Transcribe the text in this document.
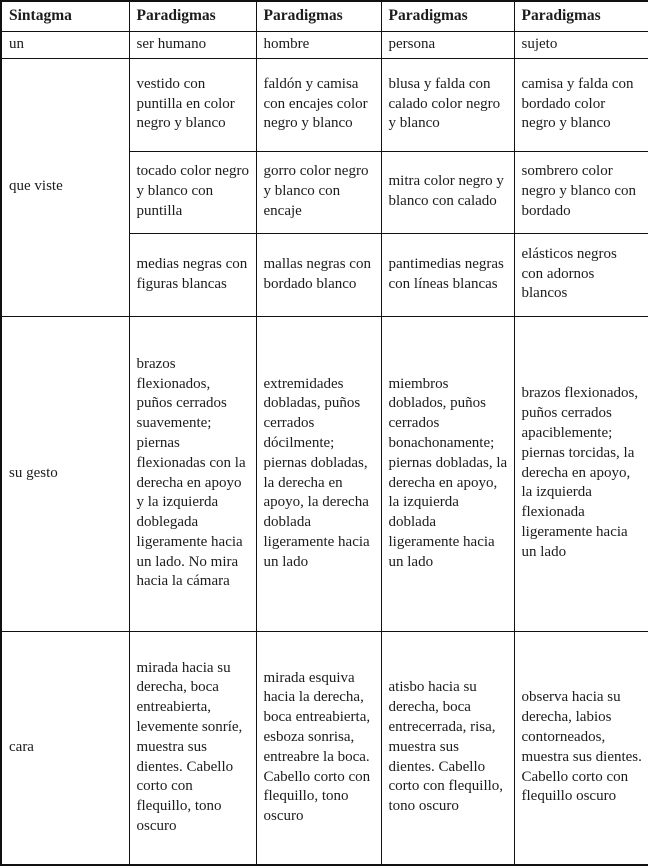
Sintagma	Paradigmas	Paradigmas	Paradigmas	Paradigmas
un	ser humano	hombre	persona	sujeto
que viste	vestido con puntilla en color negro y blanco	faldón y camisa con encajes color negro y blanco	blusa y falda con calado color negro y blanco	camisa y falda con bordado color negro y blanco
	tocado color negro y blanco con puntilla	gorro color negro y blanco con encaje	mitra color negro y blanco con calado	sombrero color negro y blanco con bordado
	medias negras con figuras blancas	mallas negras con bordado blanco	pantimedias negras con líneas blancas	elásticos negros con adornos blancos
su gesto	brazos flexionados, puños cerrados suavemente; piernas flexionadas con la derecha en apoyo y la izquierda doblegada ligeramente hacia un lado. No mira hacia la cámara	extremidades dobladas, puños cerrados dócilmente; piernas dobladas, la derecha en apoyo, la derecha doblada ligeramente hacia un lado	miembros doblados, puños cerrados bonachonamente; piernas dobladas, la derecha en apoyo, la izquierda doblada ligeramente hacia un lado	brazos flexionados, puños cerrados apaciblemente; piernas torcidas, la derecha en apoyo, la izquierda flexionada ligeramente hacia un lado
cara	mirada hacia su derecha, boca entreabierta, levemente sonríe, muestra sus dientes. Cabello corto con flequillo, tono oscuro	mirada esquiva hacia la derecha, boca entreabierta, esboza sonrisa, entreabre la boca. Cabello corto con flequillo, tono oscuro	atisbo hacia su derecha, boca entrecerrada, risa, muestra sus dientes. Cabello corto con flequillo, tono oscuro	observa hacia su derecha, labios contorneados, muestra sus dientes. Cabello corto con flequillo oscuro
